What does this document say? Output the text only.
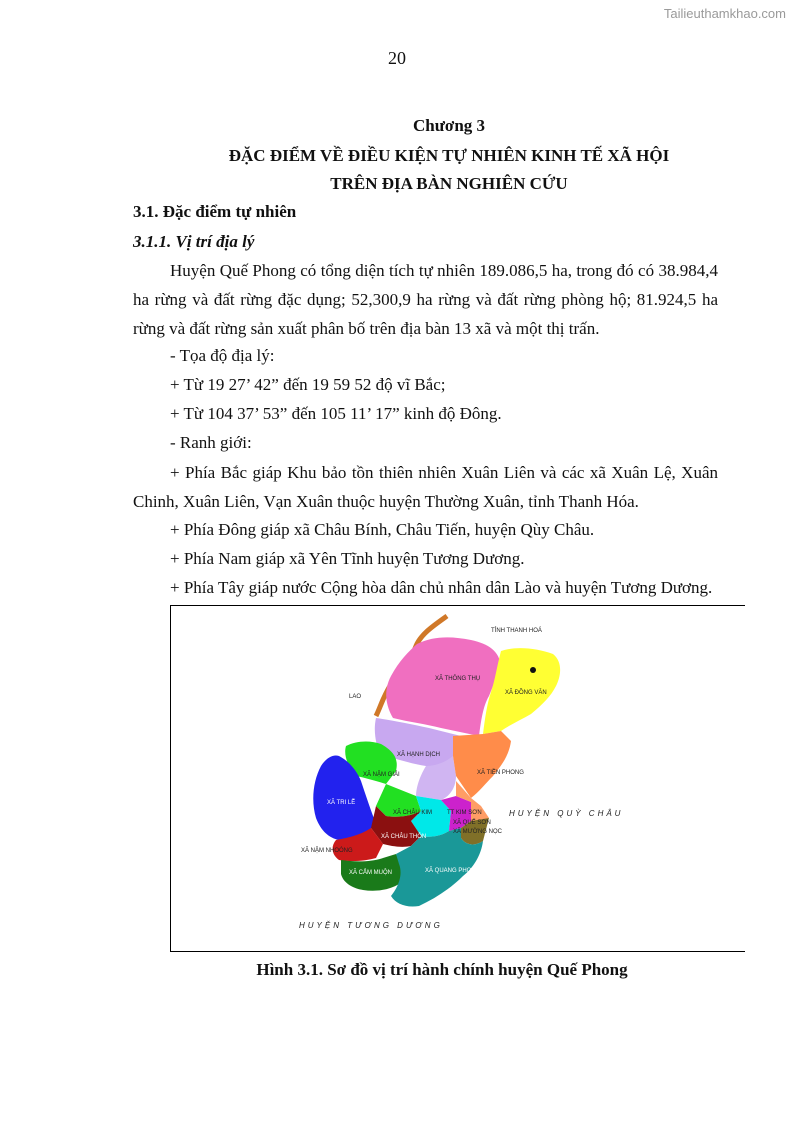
Tailieuthamkhao.com
20
Chương 3
ĐẶC ĐIỂM VỀ ĐIỀU KIỆN TỰ NHIÊN KINH TẾ XÃ HỘI
TRÊN ĐỊA BÀN NGHIÊN CỨU
3.1. Đặc điểm tự nhiên
3.1.1. Vị trí địa lý
Huyện Quế Phong có tổng diện tích tự nhiên 189.086,5 ha, trong đó có 38.984,4 ha rừng và đất rừng đặc dụng; 52,300,9 ha rừng và đất rừng phòng hộ; 81.924,5 ha rừng và đất rừng sản xuất phân bố trên địa bàn 13 xã và một thị trấn.
- Tọa độ địa lý:
+ Từ 19 27’ 42” đến 19 59 52 độ vĩ Bắc;
+ Từ 104 37’ 53” đến 105 11’ 17” kinh độ Đông.
- Ranh giới:
+ Phía Bắc giáp Khu bảo tồn thiên nhiên Xuân Liên và các xã Xuân Lệ, Xuân Chinh, Xuân Liên, Vạn Xuân thuộc huyện Thường Xuân, tỉnh Thanh Hóa.
+ Phía Đông giáp xã Châu Bính, Châu Tiến, huyện Qùy Châu.
+ Phía Nam giáp xã Yên Tĩnh huyện Tương Dương.
+ Phía Tây giáp nước Cộng hòa dân chủ nhân dân Lào và huyện Tương Dương.
TỈNH THANH HOÁ
LAO
HUYỆN QUỲ CHÂU
HUYỆN TƯƠNG DƯƠNG
XÃ THÔNG THỤ
XÃ ĐỒNG VĂN
XÃ HẠNH DỊCH
XÃ TIỀN PHONG
XÃ NẬM GIẢI
XÃ TRI LỄ
XÃ CHÂU KIM TT KIM SƠN
XÃ QUẾ SƠN
XÃ MƯỜNG NỌC
XÃ CHÂU THÔN
XÃ NẬM NHOÓNG
XÃ CẮM MUỘN	XÃ QUANG PHONG
Hình 3.1. Sơ đồ vị trí hành chính huyện Quế Phong
